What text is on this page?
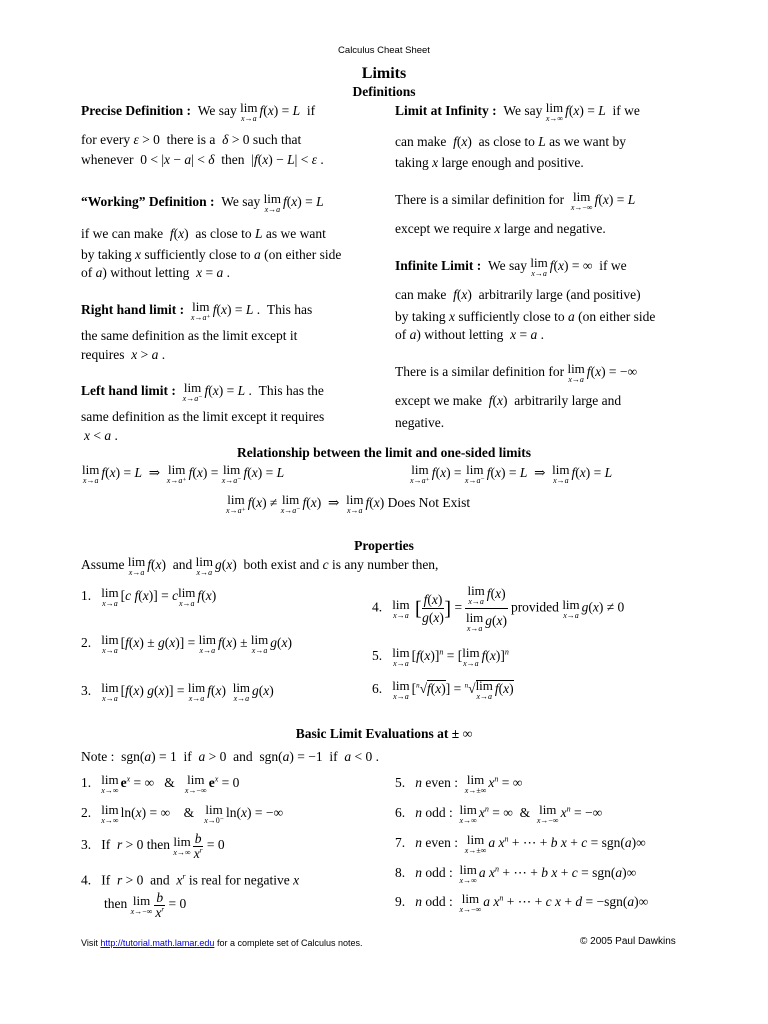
Calculus Cheat Sheet
Limits
Definitions
Precise Definition :  We say lim
x→a
f(x) = L  if
for every ε > 0  there is a  δ > 0 such that
whenever  0 < |x − a| < δ  then  |f(x) − L| < ε .
“Working” Definition :  We say lim
x→a
f(x) = L
if we can make  f(x)  as close to L as we want
by taking x sufficiently close to a (on either side
of a) without letting  x = a .
Right hand limit : lim
x→a⁺
f(x) = L .  This has
the same definition as the limit except it
requires  x > a .
Left hand limit : lim
x→a⁻
f(x) = L .  This has the
same definition as the limit except it requires
x < a .
Limit at Infinity :  We say lim
x→∞
f(x) = L  if we
can make  f(x)  as close to L as we want by
taking x large enough and positive.
There is a similar definition for lim
x→−∞
f(x) = L
except we require x large and negative.
Infinite Limit :  We say lim
x→a
f(x) = ∞  if we
can make  f(x)  arbitrarily large (and positive)
by taking x sufficiently close to a (on either side
of a) without letting  x = a .
There is a similar definition for lim
x→a
f(x) = −∞
except we make  f(x)  arbitrarily large and
negative.
Relationship between the limit and one-sided limits
lim
x→a
f(x) = L  ⇒ lim
x→a⁺
f(x) = lim
x→a⁻
f(x) = L	lim
x→a⁺
f(x) = lim
x→a⁻
f(x) = L  ⇒ lim
x→a
f(x) = L
lim
x→a⁺
f(x) ≠ lim
x→a⁻
f(x)  ⇒ lim
x→a
f(x) Does Not Exist
Properties
Assume lim
x→a
f(x)  and lim
x→a
g(x)  both exist and c is any number then,
1. lim
x→a
[c f(x)] = c lim
x→a
f(x)
2. lim
x→a
[f(x) ± g(x)] = lim
x→a
f(x) ± lim
x→a
g(x)
3. lim
x→a
[f(x) g(x)] = lim
x→a
f(x) lim
x→a
g(x)
4. lim
x→a [ $\frac{f(x)}{g(x)}$ ] = lim
x→a
f(x)
lim
x→a
g(x) provided lim
x→a
g(x) ≠ 0
5. lim
x→a
$[f(x)]^n$ = [ lim
x→a
f(x)]$^n$
6. lim
x→a
[$^n$√f(x)] = $^n$√ lim
x→a
f(x)
Basic Limit Evaluations at ± ∞
Note :  sgn(a) = 1  if  a > 0  and  sgn(a) = −1  if  a < 0 .
1. lim
x→∞
$e^x$ = ∞   & lim
x→−∞
$e^x = 0$
2. lim
x→∞
ln(x) = ∞    & lim
x→0⁻
ln(x) = −∞
3.   If  r > 0 then lim
$x\to\infty \frac{b}{x^r} = 0$
4.   If  r > 0  and  $x^r$ is real for negative x
then lim
$x\to-\infty \frac{b}{x^r} = 0$
5.   n even : lim
x→±∞
$x^n$ = ∞
6.   n odd : lim
x→∞
$x^n$ = ∞  & lim
x→−∞
$x^n$ = −∞
7.   n even : lim
x→±∞
a $x^n$ + ⋯ + b x + c = sgn(a)∞
8.   n odd : lim
x→∞
a $x^n$ + ⋯ + b x + c = sgn(a)∞
9.   n odd : lim
x→−∞
a $x^n$ + ⋯ + c x + d = −sgn(a)∞
Visit http://tutorial.math.lamar.edu for a complete set of Calculus notes.	© 2005 Paul Dawkins
